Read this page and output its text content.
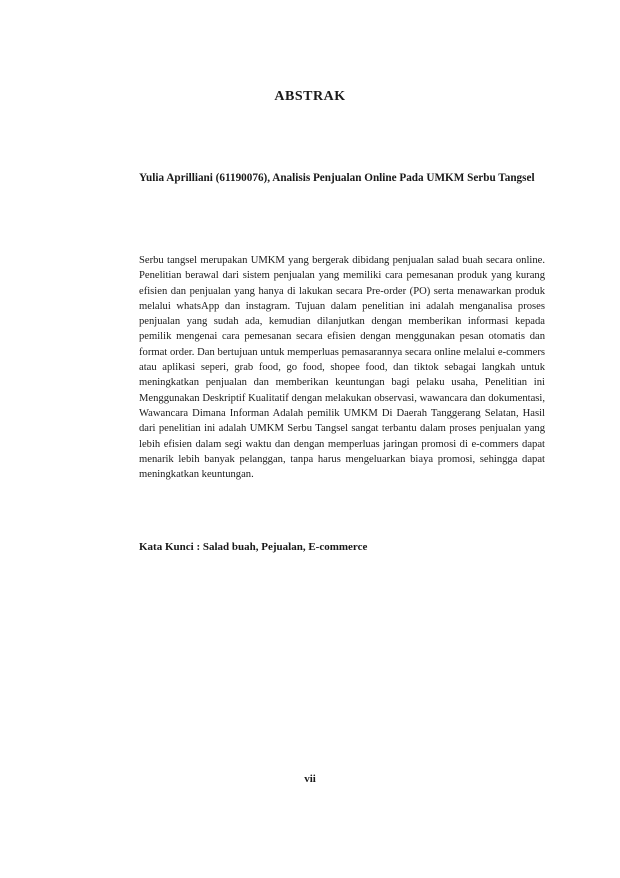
ABSTRAK

Yulia Aprilliani (61190076), Analisis Penjualan Online Pada UMKM Serbu Tangsel

Serbu tangsel merupakan UMKM yang bergerak dibidang penjualan salad buah secara online. Penelitian berawal dari sistem penjualan yang memiliki cara pemesanan produk yang kurang efisien dan penjualan yang hanya di lakukan secara Pre-order (PO) serta menawarkan produk melalui whatsApp dan instagram. Tujuan dalam penelitian ini adalah menganalisa proses penjualan yang sudah ada, kemudian dilanjutkan dengan memberikan informasi kepada pemilik mengenai cara pemesanan secara efisien dengan menggunakan pesan otomatis dan format order. Dan bertujuan untuk memperluas pemasarannya secara online melalui e-commers atau aplikasi seperi, grab food, go food, shopee food, dan tiktok sebagai langkah untuk meningkatkan penjualan dan memberikan keuntungan bagi pelaku usaha, Penelitian ini Menggunakan Deskriptif Kualitatif dengan melakukan observasi, wawancara dan dokumentasi, Wawancara Dimana Informan Adalah pemilik UMKM Di Daerah Tanggerang Selatan, Hasil dari penelitian ini adalah UMKM Serbu Tangsel sangat terbantu dalam proses penjualan yang lebih efisien dalam segi waktu dan dengan memperluas jaringan promosi di e-commers dapat menarik lebih banyak pelanggan, tanpa harus mengeluarkan biaya promosi, sehingga dapat meningkatkan keuntungan.

Kata Kunci : Salad buah, Pejualan, E-commerce

vii
